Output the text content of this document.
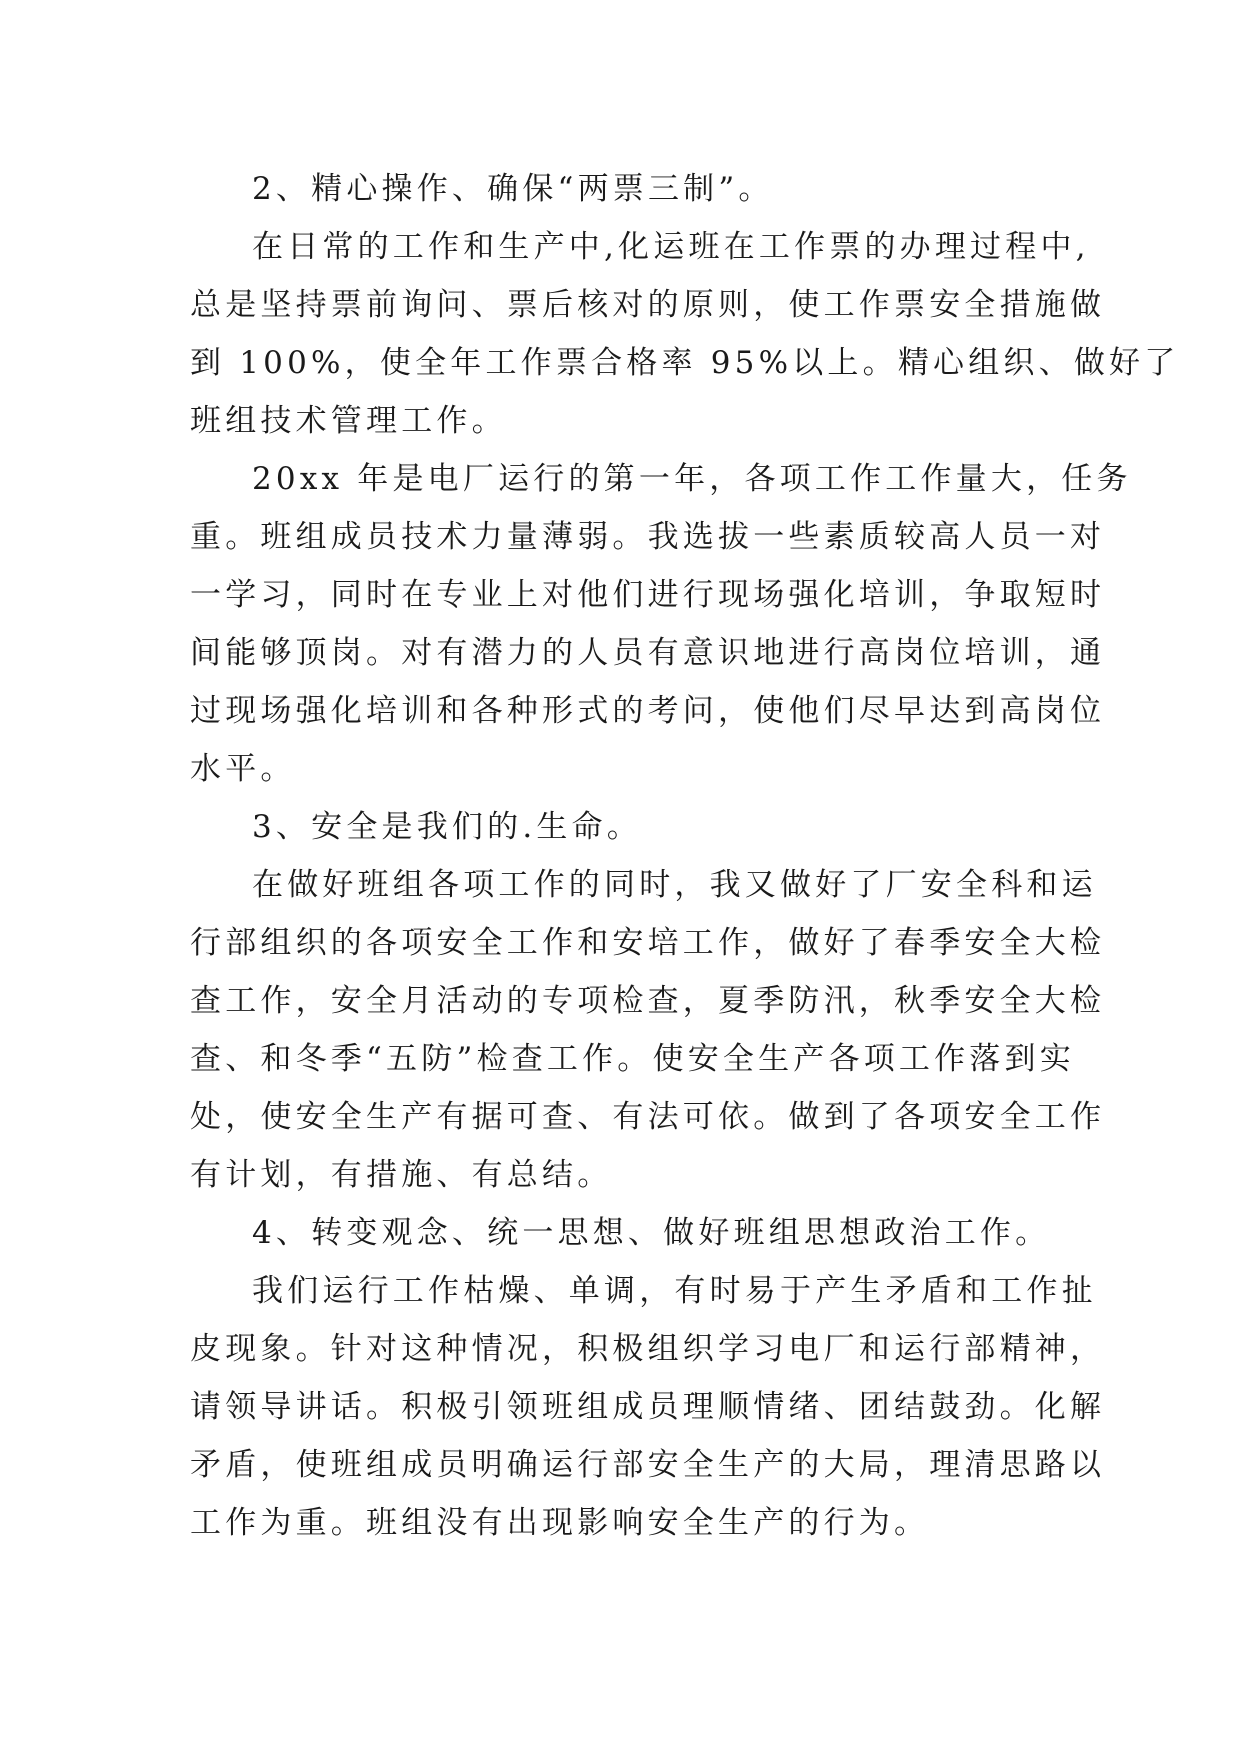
2、精心操作、确保“两票三制”。
在日常的工作和生产中,化运班在工作票的办理过程中,
总是坚持票前询问、票后核对的原则，使工作票安全措施做
到 100%，使全年工作票合格率 95%以上。精心组织、做好了
班组技术管理工作。
20xx 年是电厂运行的第一年，各项工作工作量大，任务
重。班组成员技术力量薄弱。我选拔一些素质较高人员一对
一学习，同时在专业上对他们进行现场强化培训，争取短时
间能够顶岗。对有潜力的人员有意识地进行高岗位培训，通
过现场强化培训和各种形式的考问，使他们尽早达到高岗位
水平。
3、安全是我们的.生命。
在做好班组各项工作的同时，我又做好了厂安全科和运
行部组织的各项安全工作和安培工作，做好了春季安全大检
查工作，安全月活动的专项检查，夏季防汛，秋季安全大检
查、和冬季“五防”检查工作。使安全生产各项工作落到实
处，使安全生产有据可查、有法可依。做到了各项安全工作
有计划，有措施、有总结。
4、转变观念、统一思想、做好班组思想政治工作。
我们运行工作枯燥、单调，有时易于产生矛盾和工作扯
皮现象。针对这种情况，积极组织学习电厂和运行部精神，
请领导讲话。积极引领班组成员理顺情绪、团结鼓劲。化解
矛盾，使班组成员明确运行部安全生产的大局，理清思路以
工作为重。班组没有出现影响安全生产的行为。
